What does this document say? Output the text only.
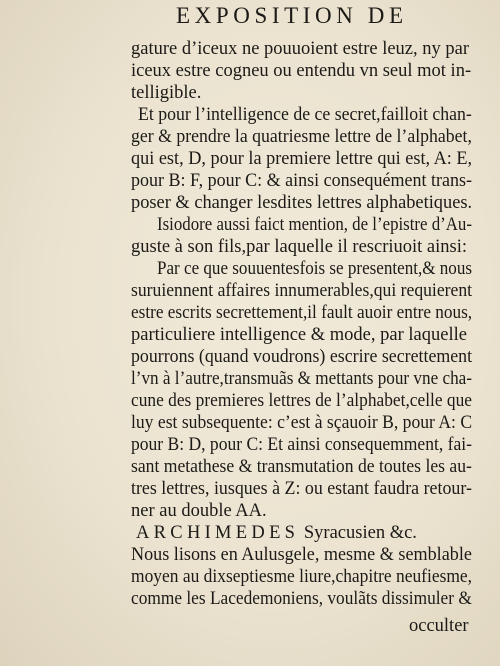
EXPOSITION DE
gature d’iceux ne pouuoient estre leuz, ny par
iceux estre cogneu ou entendu vn seul mot in-
telligible.
Et pour l’intelligence de ce secret,failloit chan-
ger & prendre la quatriesme lettre de l’alphabet,
qui est, D, pour la premiere lettre qui est, A: E,
pour B: F, pour C: & ainsi consequément trans-
poser & changer lesdites lettres alphabetiques.
Isiodore aussi faict mention, de l’epistre d’Au-
guste à son fils,par laquelle il rescriuoit ainsi:
Par ce que souuentesfois se presentent,& nous
suruiennent affaires innumerables,qui requierent
estre escrits secrettement,il fault auoir entre nous,
particuliere intelligence & mode, par laquelle
pourrons (quand voudrons) escrire secrettement
l’vn à l’autre,transmuãs & mettants pour vne cha-
cune des premieres lettres de l’alphabet,celle que
luy est subsequente: c’est à sçauoir B, pour A: C
pour B: D, pour C: Et ainsi consequemment, fai-
sant metathese & transmutation de toutes les au-
tres lettres, iusques à Z: ou estant faudra retour-
ner au double AA.
ARCHIMEDES Syracusien &c.
Nous lisons en Aulusgele, mesme & semblable
moyen au dixseptiesme liure,chapitre neufiesme,
comme les Lacedemoniens, voulãts dissimuler &
occulter
